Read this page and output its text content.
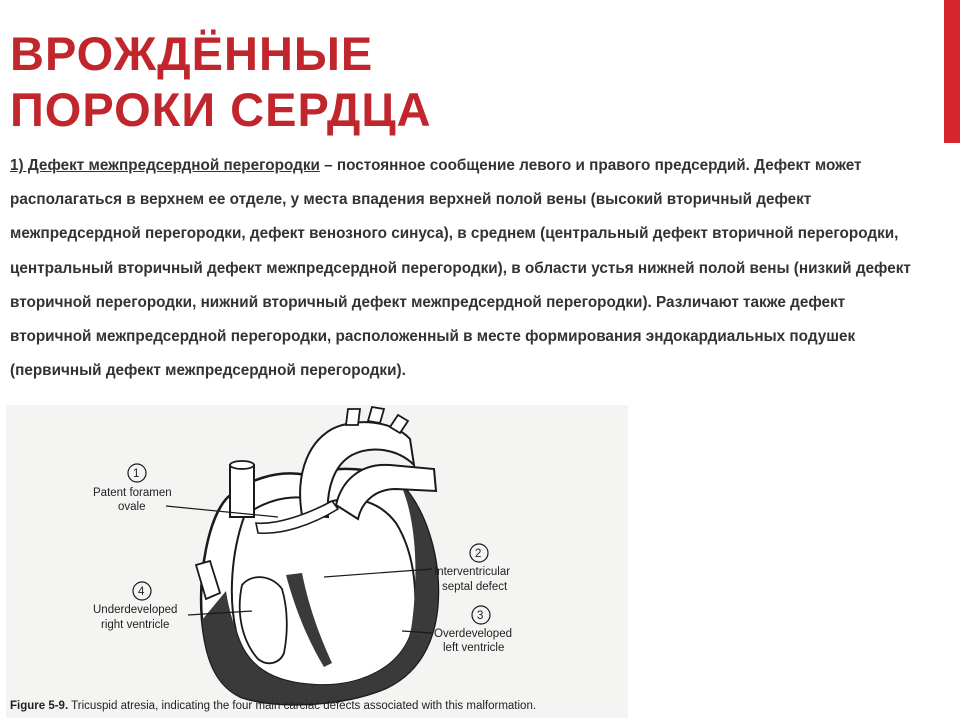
ВРОЖДЁННЫЕ
ПОРОКИ СЕРДЦА

1) Дефект межпредсердной перегородки – постоянное сообщение левого и правого предсердий. Дефект может располагаться в верхнем ее отделе, у места впадения верхней полой вены (высокий вторичный дефект межпредсердной перегородки, дефект венозного синуса), в среднем (центральный дефект вторичной перегородки, центральный вторичный дефект межпредсердной перегородки), в области устья нижней полой вены (низкий дефект вторичной перегородки, нижний вторичный дефект межпредсердной перегородки). Различают также дефект вторичной межпредсердной перегородки, расположенный в месте формирования эндокардиальных подушек (первичный дефект межпредсердной перегородки).

1
Patent foramen
ovale
2
Interventricular
septal defect
3
Overdeveloped
left ventricle
4
Underdeveloped
right ventricle
Figure 5-9. Tricuspid atresia, indicating the four main carciac defects associated with this malformation.
